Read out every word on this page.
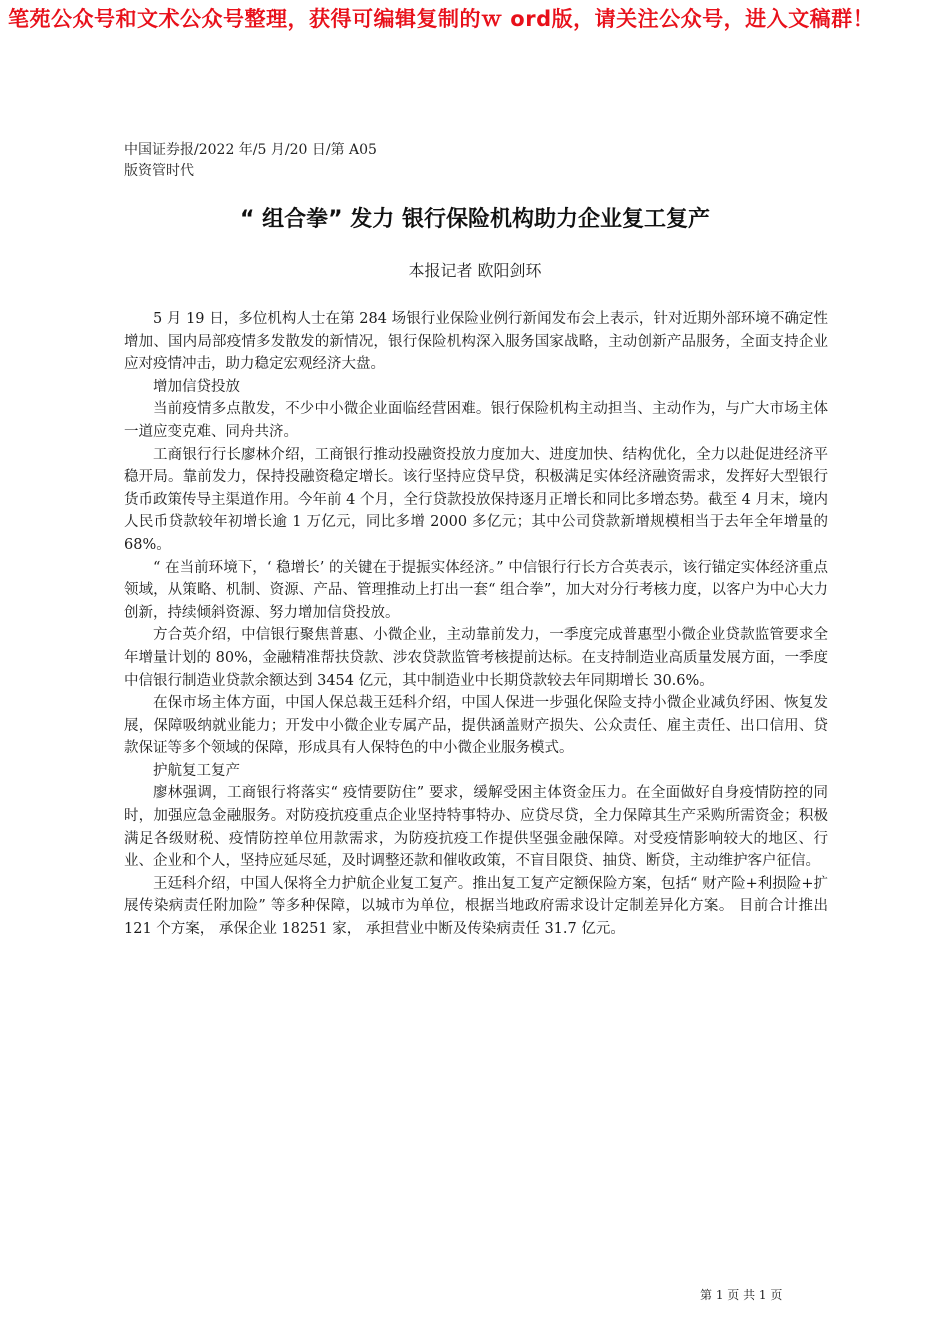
笔苑公众号和文术公众号整理，获得可编辑复制的ｗ ord版，请关注公众号，进入文稿群！
中国证券报/2022 年/5 月/20 日/第 A05
版资管时代
“ 组合拳” 发力 银行保险机构助力企业复工复产
本报记者 欧阳剑环

5 月 19 日，多位机构人士在第 284 场银行业保险业例行新闻发布会上表示，针对近期外部环境不确定性增加、国内局部疫情多发散发的新情况，银行保险机构深入服务国家战略，主动创新产品服务，全面支持企业应对疫情冲击，助力稳定宏观经济大盘。

增加信贷投放

当前疫情多点散发，不少中小微企业面临经营困难。银行保险机构主动担当、主动作为，与广大市场主体一道应变克难、同舟共济。

工商银行行长廖林介绍，工商银行推动投融资投放力度加大、进度加快、结构优化，全力以赴促进经济平稳开局。靠前发力，保持投融资稳定增长。该行坚持应贷早贷，积极满足实体经济融资需求，发挥好大型银行货币政策传导主渠道作用。今年前 4 个月，全行贷款投放保持逐月正增长和同比多增态势。截至 4 月末，境内人民币贷款较年初增长逾 1 万亿元，同比多增 2000 多亿元；其中公司贷款新增规模相当于去年全年增量的 68%。

“ 在当前环境下，‘ 稳增长’ 的关键在于提振实体经济。” 中信银行行长方合英表示，该行锚定实体经济重点领域，从策略、机制、资源、产品、管理推动上打出一套“ 组合拳”，加大对分行考核力度，以客户为中心大力创新，持续倾斜资源、努力增加信贷投放。

方合英介绍，中信银行聚焦普惠、小微企业，主动靠前发力，一季度完成普惠型小微企业贷款监管要求全年增量计划的 80%，金融精准帮扶贷款、涉农贷款监管考核提前达标。在支持制造业高质量发展方面，一季度中信银行制造业贷款余额达到 3454 亿元，其中制造业中长期贷款较去年同期增长 30.6%。

在保市场主体方面，中国人保总裁王廷科介绍，中国人保进一步强化保险支持小微企业减负纾困、恢复发展，保障吸纳就业能力；开发中小微企业专属产品，提供涵盖财产损失、公众责任、雇主责任、出口信用、贷款保证等多个领域的保障，形成具有人保特色的中小微企业服务模式。

护航复工复产

廖林强调，工商银行将落实“ 疫情要防住” 要求，缓解受困主体资金压力。在全面做好自身疫情防控的同时，加强应急金融服务。对防疫抗疫重点企业坚持特事特办、应贷尽贷，全力保障其生产采购所需资金；积极满足各级财税、疫情防控单位用款需求，为防疫抗疫工作提供坚强金融保障。对受疫情影响较大的地区、行业、企业和个人，坚持应延尽延，及时调整还款和催收政策，不盲目限贷、抽贷、断贷，主动维护客户征信。

王廷科介绍，中国人保将全力护航企业复工复产。推出复工复产定额保险方案，包括“ 财产险+利损险+扩展传染病责任附加险” 等多种保障，以城市为单位，根据当地政府需求设计定制差异化方案。 目前合计推出 121 个方案， 承保企业 18251 家， 承担营业中断及传染病责任 31.7 亿元。

第 1 页 共 1 页
